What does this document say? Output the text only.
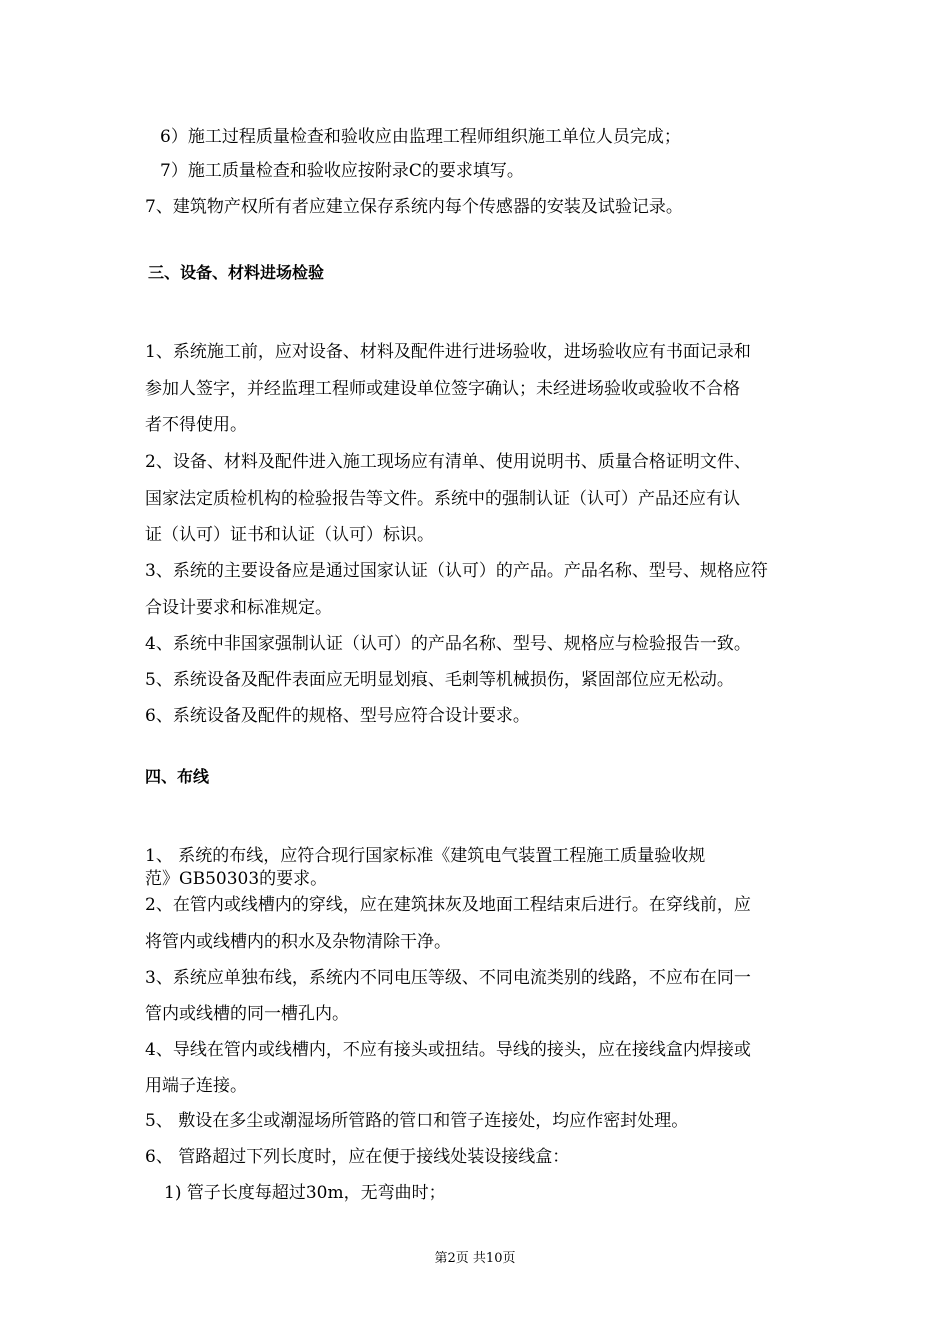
6）施工过程质量检查和验收应由监理工程师组织施工单位人员完成；
7）施工质量检查和验收应按附录C的要求填写。
7、建筑物产权所有者应建立保存系统内每个传感器的安装及试验记录。
三、设备、材料进场检验
1、系统施工前，应对设备、材料及配件进行进场验收，进场验收应有书面记录和
参加人签字，并经监理工程师或建设单位签字确认；未经进场验收或验收不合格
者不得使用。
2、设备、材料及配件进入施工现场应有清单、使用说明书、质量合格证明文件、
国家法定质检机构的检验报告等文件。系统中的强制认证（认可）产品还应有认
证（认可）证书和认证（认可）标识。
3、系统的主要设备应是通过国家认证（认可）的产品。产品名称、型号、规格应符
合设计要求和标准规定。
4、系统中非国家强制认证（认可）的产品名称、型号、规格应与检验报告一致。
5、系统设备及配件表面应无明显划痕、毛刺等机械损伤，紧固部位应无松动。
6、系统设备及配件的规格、型号应符合设计要求。
四、布线
1、 系统的布线，应符合现行国家标准《建筑电气装置工程施工质量验收规
范》GB50303的要求。
2、在管内或线槽内的穿线，应在建筑抹灰及地面工程结束后进行。在穿线前，应
将管内或线槽内的积水及杂物清除干净。
3、系统应单独布线，系统内不同电压等级、不同电流类别的线路，不应布在同一
管内或线槽的同一槽孔内。
4、导线在管内或线槽内，不应有接头或扭结。导线的接头，应在接线盒内焊接或
用端子连接。
5、 敷设在多尘或潮湿场所管路的管口和管子连接处，均应作密封处理。
6、 管路超过下列长度时，应在便于接线处装设接线盒：
1) 管子长度每超过30m，无弯曲时；
第2页 共10页
